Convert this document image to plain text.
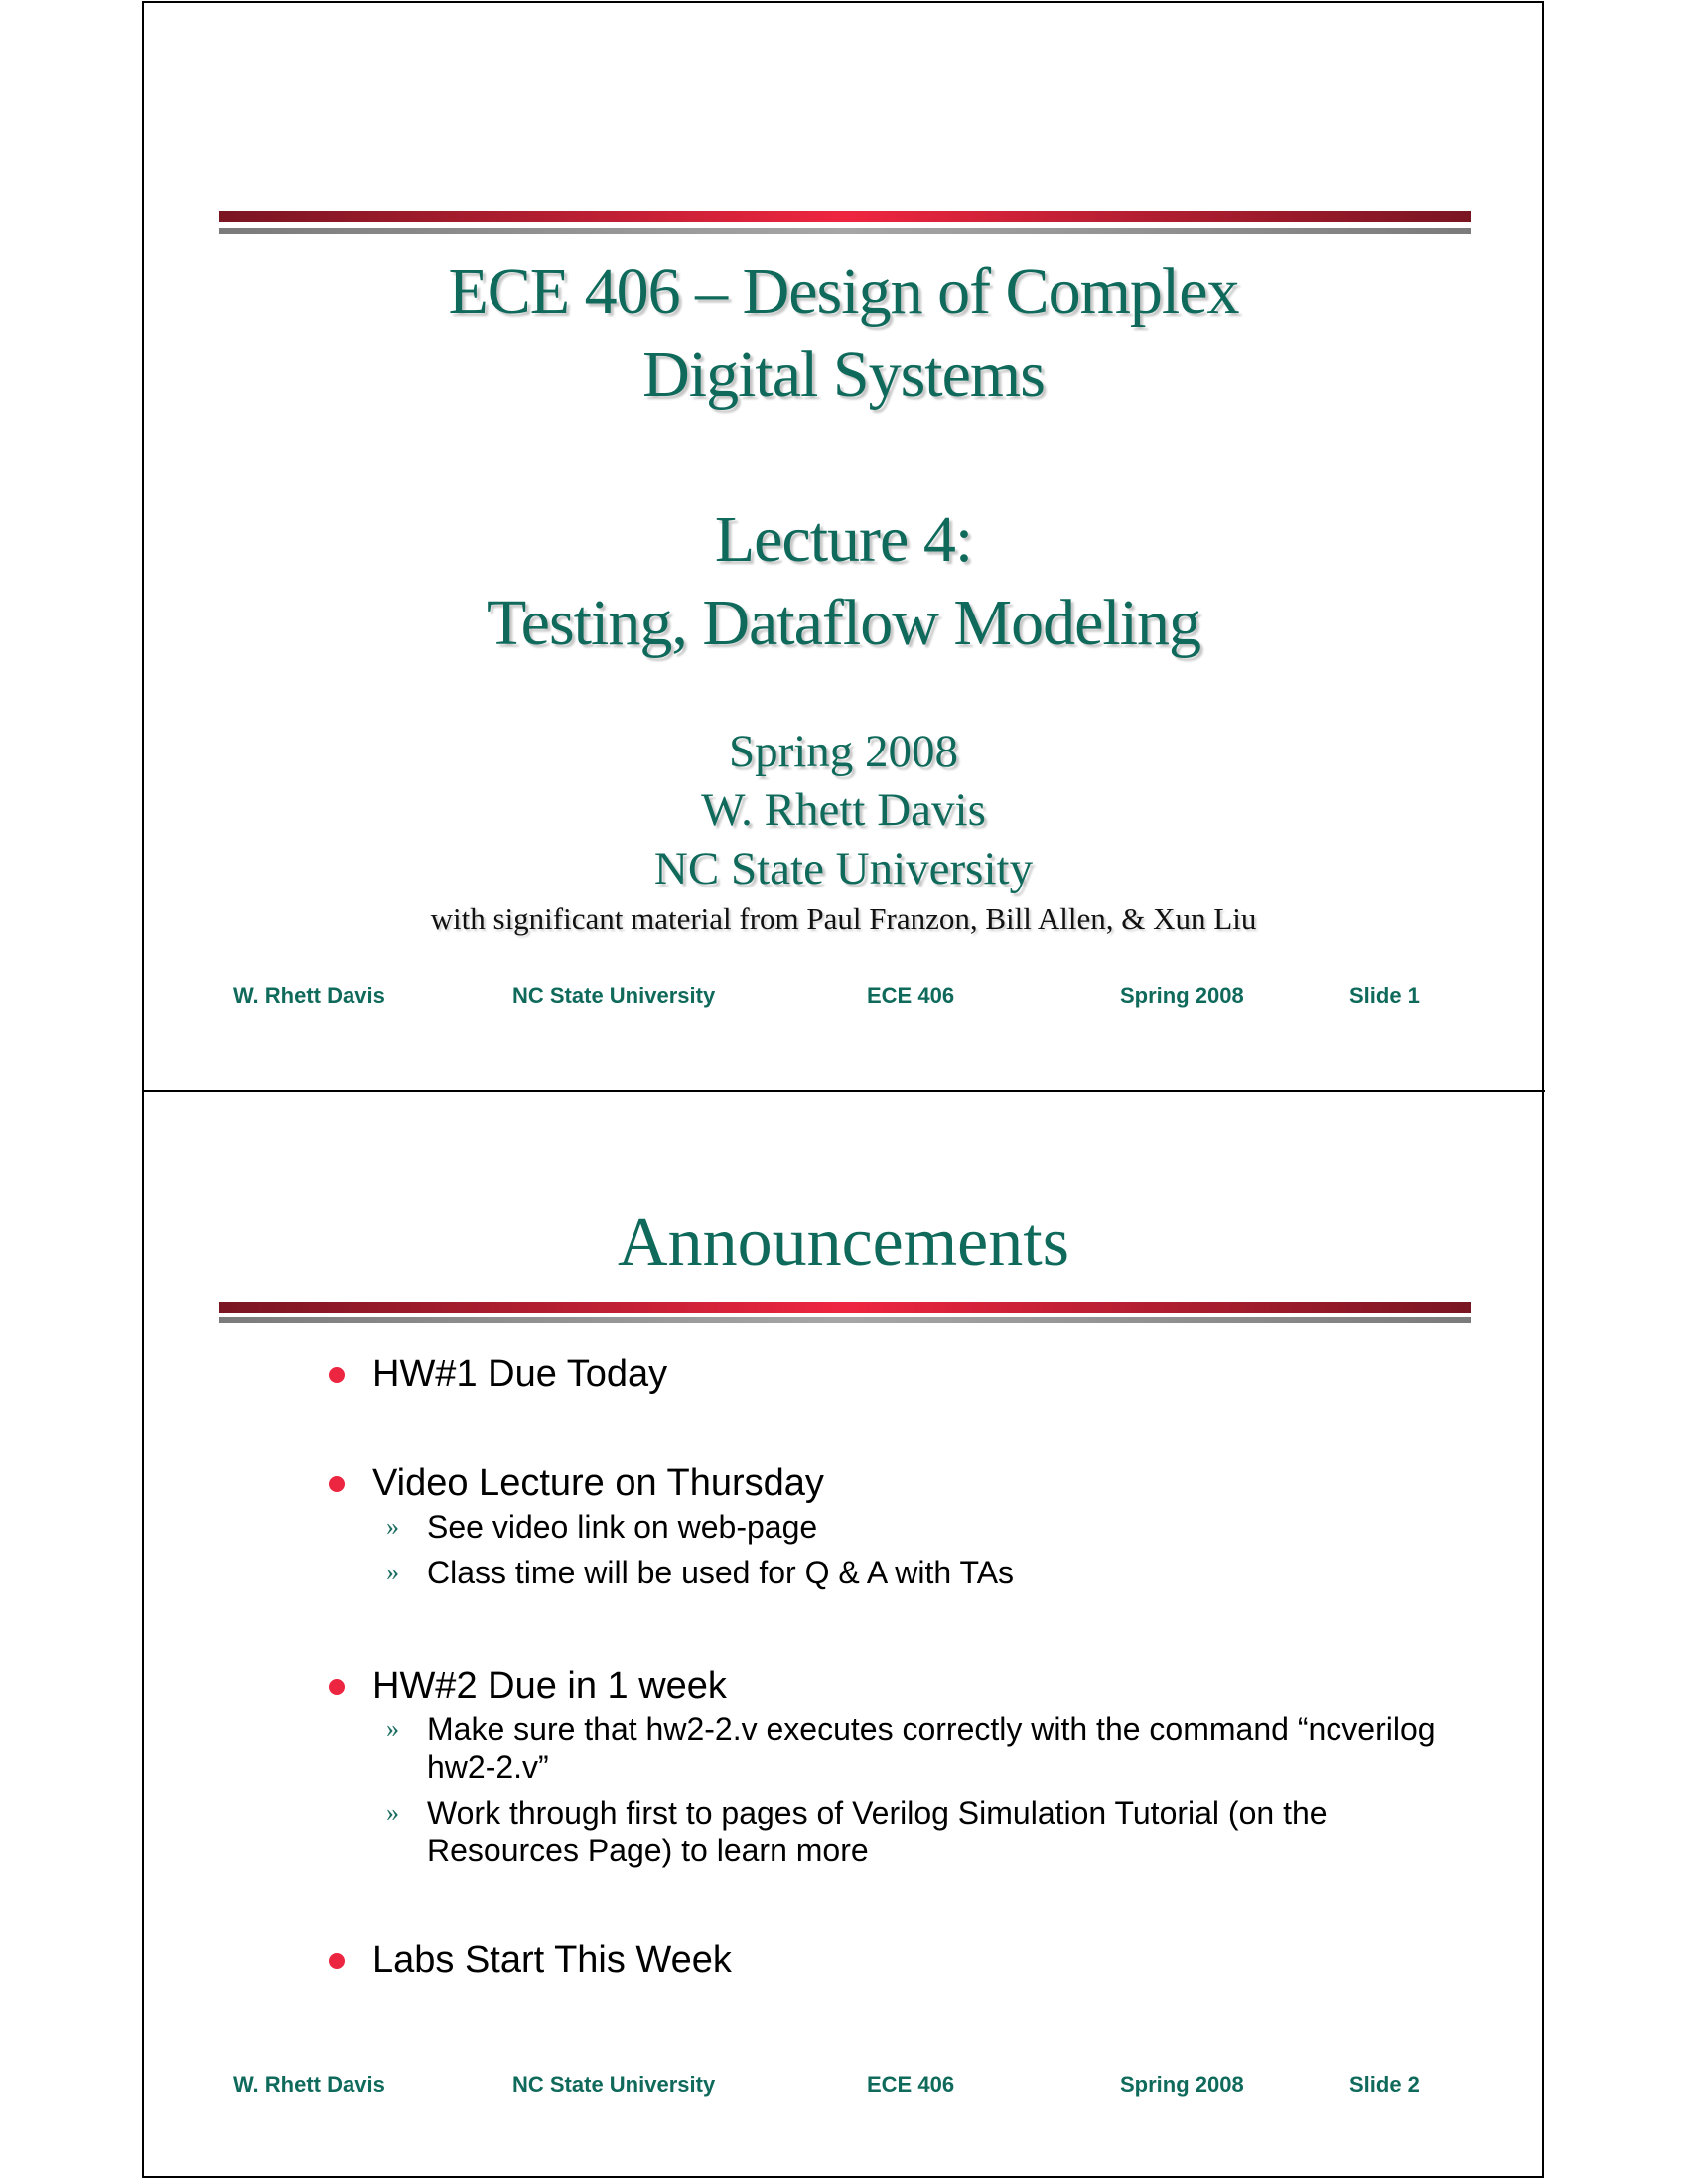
ECE 406 – Design of Complex
Digital Systems
Lecture 4:
Testing, Dataflow Modeling
Spring 2008
W. Rhett Davis
NC State University
with significant material from Paul Franzon, Bill Allen, & Xun Liu
W. Rhett Davis	NC State University	ECE 406	Spring 2008	Slide 1
Announcements
HW#1 Due Today
Video Lecture on Thursday
» See video link on web-page
» Class time will be used for Q & A with TAs
HW#2 Due in 1 week
» Make sure that hw2-2.v executes correctly with the command “ncverilog hw2-2.v”
» Work through first to pages of Verilog Simulation Tutorial (on the Resources Page) to learn more
Labs Start This Week
W. Rhett Davis	NC State University	ECE 406	Spring 2008	Slide 2
